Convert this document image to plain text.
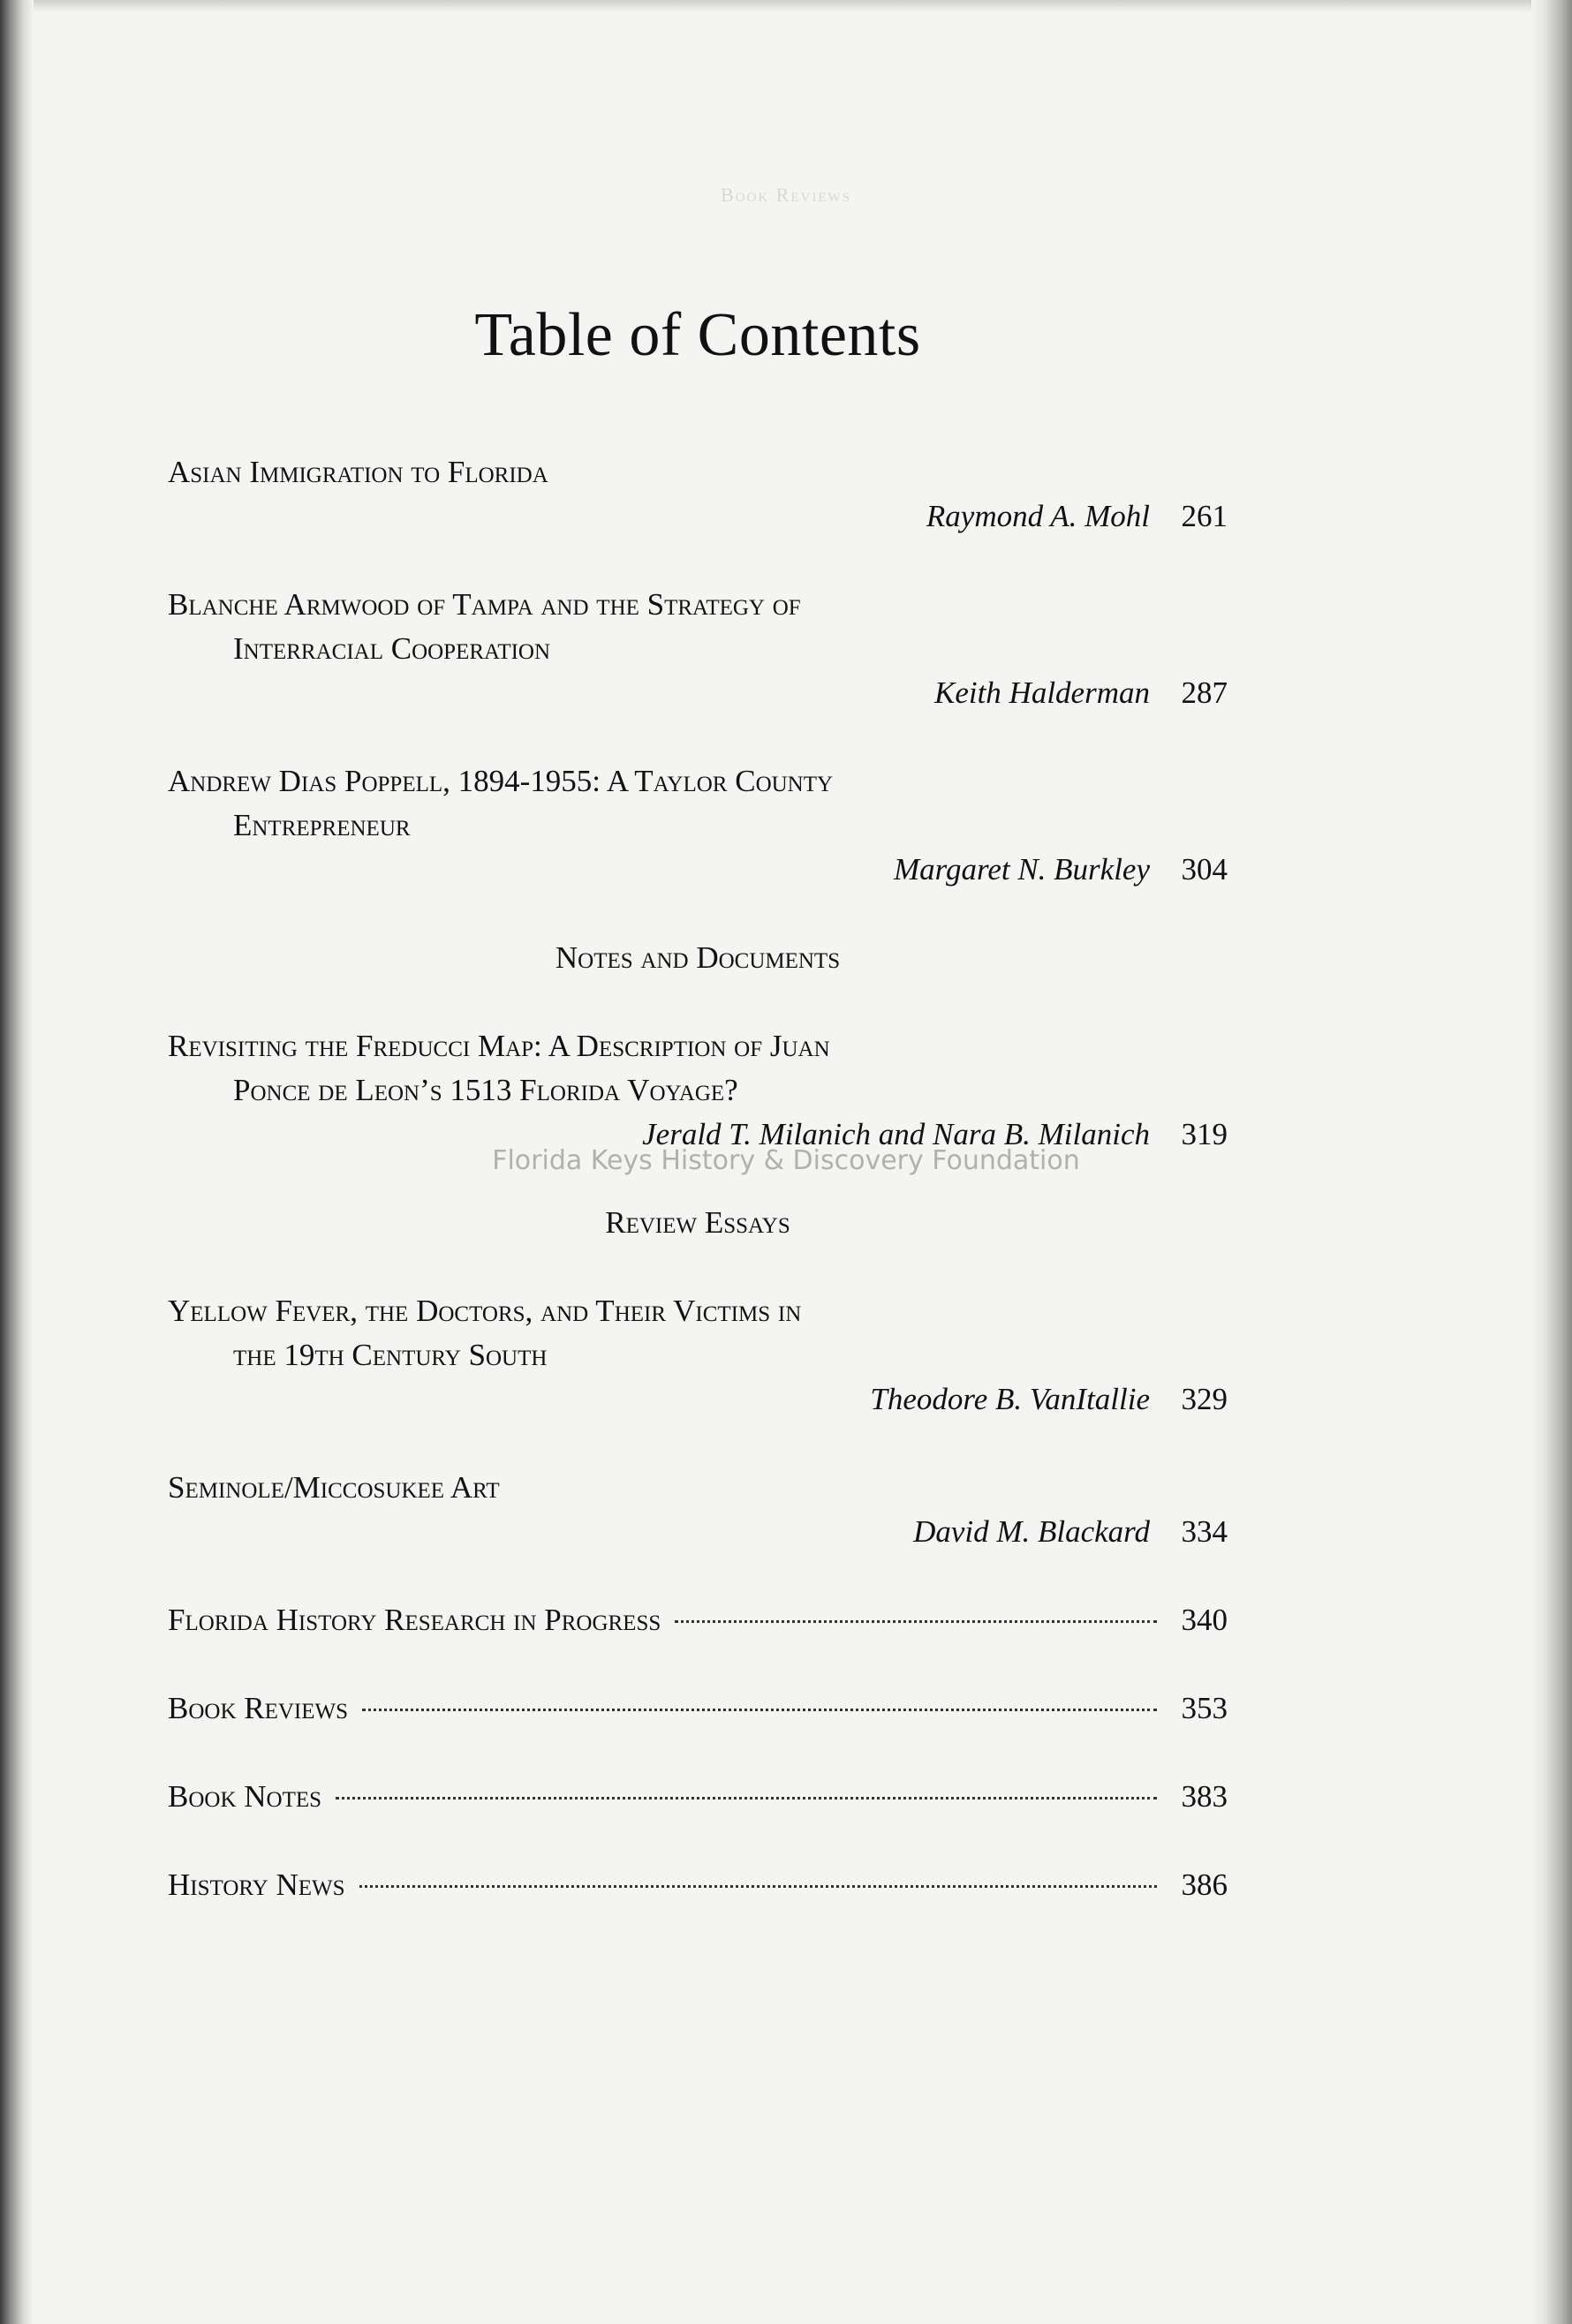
Book Reviews
Table of Contents
Asian Immigration to Florida
Raymond A. Mohl 261
Blanche Armwood of Tampa and the Strategy of
Interracial Cooperation
Keith Halderman 287
Andrew Dias Poppell, 1894-1955: A Taylor County
Entrepreneur
Margaret N. Burkley 304
Notes and Documents
Revisiting the Freducci Map: A Description of Juan
Ponce de Leon’s 1513 Florida Voyage?
Jerald T. Milanich and Nara B. Milanich 319
Review Essays
Yellow Fever, the Doctors, and Their Victims in
the 19th Century South
Theodore B. VanItallie 329
Seminole/Miccosukee Art
David M. Blackard 334
Florida History Research in Progress	340
Book Reviews	353
Book Notes	383
History News	386
Florida Keys History & Discovery Foundation
